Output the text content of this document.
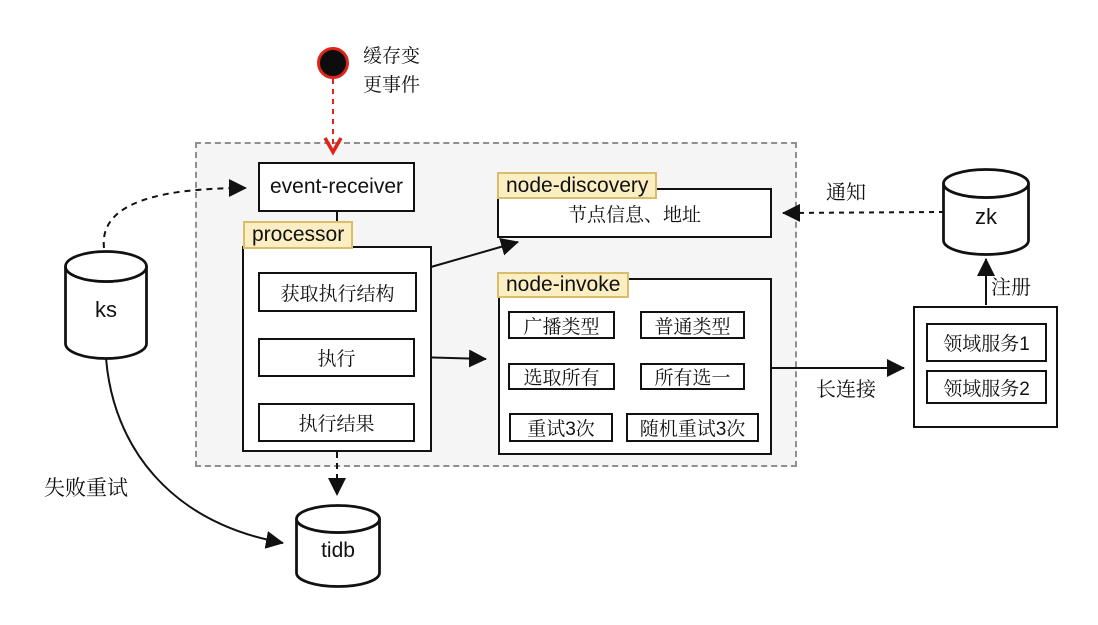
缓存变更事件
event-receiver
processor
获取执行结构
执行
执行结果
node-discovery
节点信息、地址
node-invoke
广播类型
选取所有
重试3次
普通类型
所有选一
随机重试3次
领域服务1
领域服务2
ks
zk
tidb
通知
注册
长连接
失败重试
